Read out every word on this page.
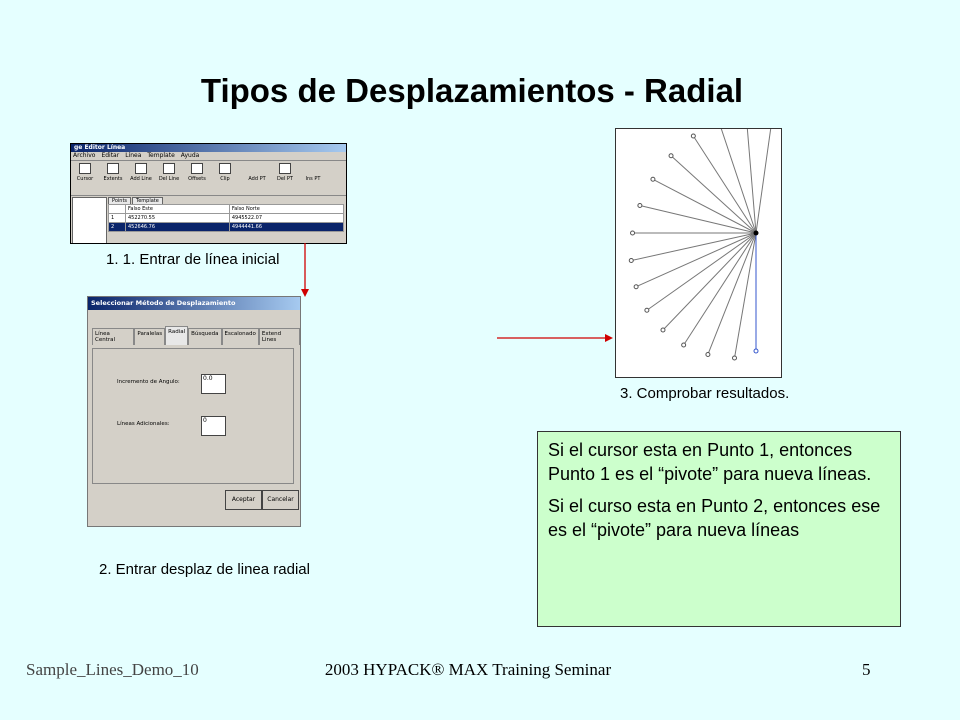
Tipos de Desplazamientos - Radial
ge Editor Línea
Archivo Editar Línea Template Ayuda
Cursor Extents Add Line Del Line Offsets	Clip	Add PT Del PT	Ins PT
Points	Template
	Falso Este	Falso Norte
1	452270.55	4945522.07
2	452646.76	4944441.66
1. 1. Entrar de línea inicial
Seleccionar Método de Desplazamiento
Línea Central
Paralelas	Radial	Búsqueda	Escalonado	Extend Lines
Incremento de Angulo:	0.0
Líneas Adicionales:	0
Aceptar	Cancelar
2. Entrar desplaz de linea radial
3. Comprobar resultados.

Si el cursor esta en Punto 1, entonces Punto 1 es el “pivote” para nueva líneas.

Si el curso esta en Punto 2, entonces ese es el “pivote” para nueva líneas

Sample_Lines_Demo_10	2003 HYPACK® MAX Training Seminar	5
